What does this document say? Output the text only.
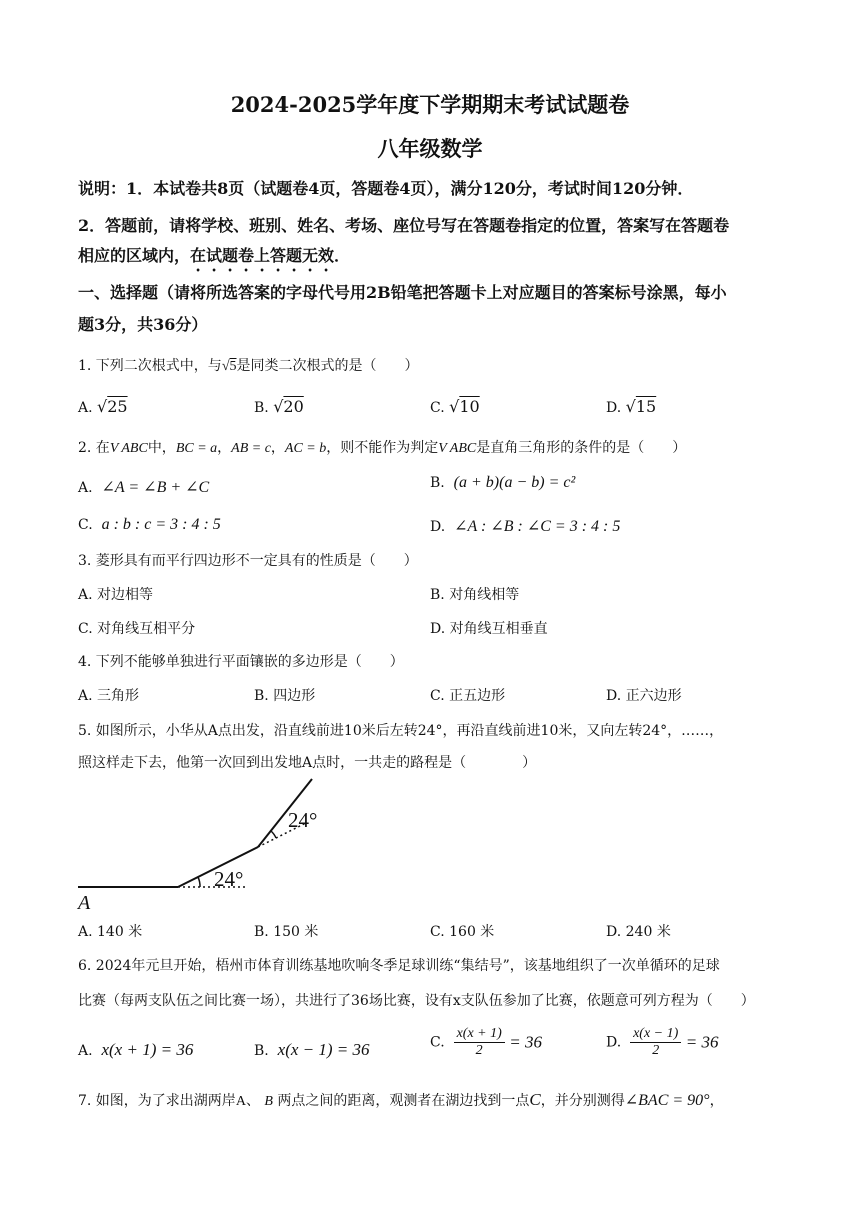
2024-2025学年度下学期期末考试试题卷
八年级数学
说明：1．本试卷共8页（试题卷4页，答题卷4页），满分120分，考试时间120分钟．
2．答题前，请将学校、班别、姓名、考场、座位号写在答题卷指定的位置，答案写在答题卷
相应的区域内，在试题卷上答题无效．
一、选择题（请将所选答案的字母代号用2B铅笔把答题卡上对应题目的答案标号涂黑，每小
题3分，共36分）
1. 下列二次根式中，与√5是同类二次根式的是（　　）
A. √25	B. √20	C. √10	D. √15
2. 在V ABC中，BC = a，AB = c，AC = b，则不能作为判定V ABC是直角三角形的条件的是（　　）
A. ∠A = ∠B + ∠C	B. (a + b)(a − b) = c²
C. a : b : c = 3 : 4 : 5	D. ∠A : ∠B : ∠C = 3 : 4 : 5
3. 菱形具有而平行四边形不一定具有的性质是（　　）
A. 对边相等	B. 对角线相等
C. 对角线互相平分	D. 对角线互相垂直
4. 下列不能够单独进行平面镶嵌的多边形是（　　）
A. 三角形	B. 四边形	C. 正五边形	D. 正六边形
5. 如图所示，小华从A点出发，沿直线前进10米后左转24°，再沿直线前进10米，又向左转24°，……，
照这样走下去，他第一次回到出发地A点时，一共走的路程是（　　　　）
24°
24°
A
A. 140 米	B. 150 米	C. 160 米	D. 240 米
6. 2024年元旦开始，梧州市体育训练基地吹响冬季足球训练“集结号”，该基地组织了一次单循环的足球
比赛（每两支队伍之间比赛一场），共进行了36场比赛，设有x支队伍参加了比赛，依题意可列方程为（　　）
A. x(x + 1) = 36	B. x(x − 1) = 36	C. $\frac{x(x + 1)}{2} = 36$	D. $\frac{x(x - 1)}{2} = 36$
7. 如图，为了求出湖两岸A、 B 两点之间的距离，观测者在湖边找到一点C，并分别测得∠BAC = 90°，
